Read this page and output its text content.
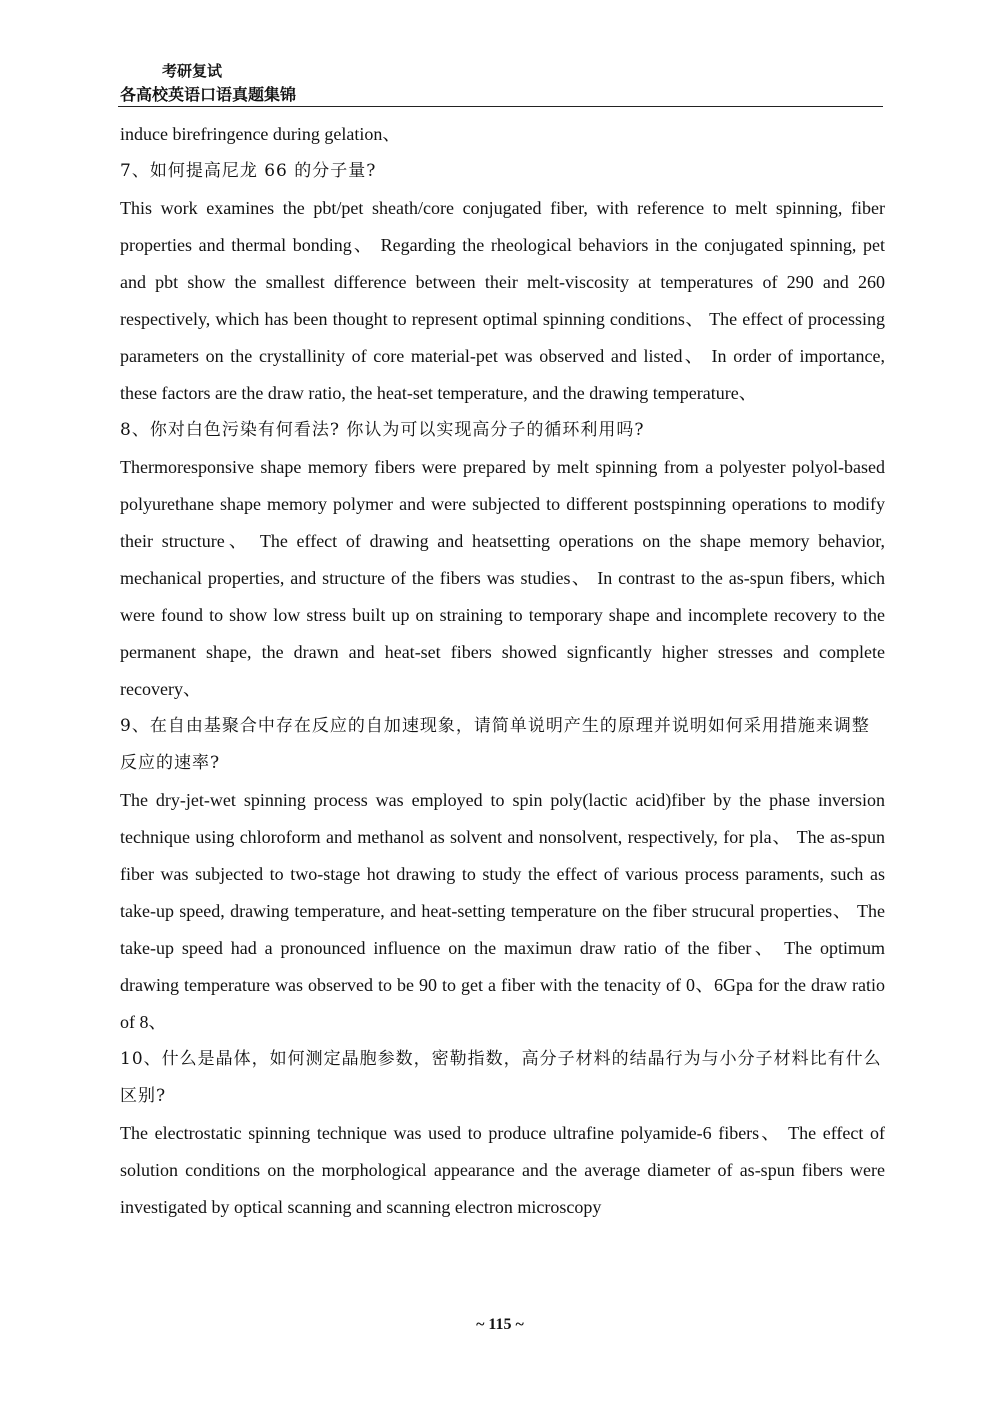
考研复试
各高校英语口语真题集锦

induce birefringence during gelation、

7、如何提高尼龙 66 的分子量?

This work examines the pbt/pet sheath/core conjugated fiber, with reference to melt spinning, fiber properties and thermal bonding、 Regarding the rheological behaviors in the conjugated spinning, pet and pbt show the smallest difference between their melt-viscosity at temperatures of 290 and 260 respectively, which has been thought to represent optimal spinning conditions、 The effect of processing parameters on the crystallinity of core material-pet was observed and listed、 In order of importance, these factors are the draw ratio, the heat-set temperature, and the drawing temperature、

8、你对白色污染有何看法? 你认为可以实现高分子的循环利用吗?

Thermoresponsive shape memory fibers were prepared by melt spinning from a polyester polyol-based polyurethane shape memory polymer and were subjected to different postspinning operations to modify their structure、 The effect of drawing and heatsetting operations on the shape memory behavior, mechanical properties, and structure of the fibers was studies、 In contrast to the as-spun fibers, which were found to show low stress built up on straining to temporary shape and incomplete recovery to the permanent shape, the drawn and heat-set fibers showed signficantly higher stresses and complete recovery、

9、在自由基聚合中存在反应的自加速现象，请简单说明产生的原理并说明如何采用措施来调整反应的速率?

The dry-jet-wet spinning process was employed to spin poly(lactic acid)fiber by the phase inversion technique using chloroform and methanol as solvent and nonsolvent, respectively, for pla、 The as-spun fiber was subjected to two-stage hot drawing to study the effect of various process paraments, such as take-up speed, drawing temperature, and heat-setting temperature on the fiber strucural properties、 The take-up speed had a pronounced influence on the maximun draw ratio of the fiber、 The optimum drawing temperature was observed to be 90 to get a fiber with the tenacity of 0、6Gpa for the draw ratio of 8、

10、什么是晶体，如何测定晶胞参数，密勒指数，高分子材料的结晶行为与小分子材料比有什么区别?

The electrostatic spinning technique was used to produce ultrafine polyamide-6 fibers、 The effect of solution conditions on the morphological appearance and the average diameter of as-spun fibers were investigated by optical scanning and scanning electron microscopy

~ 115 ~
